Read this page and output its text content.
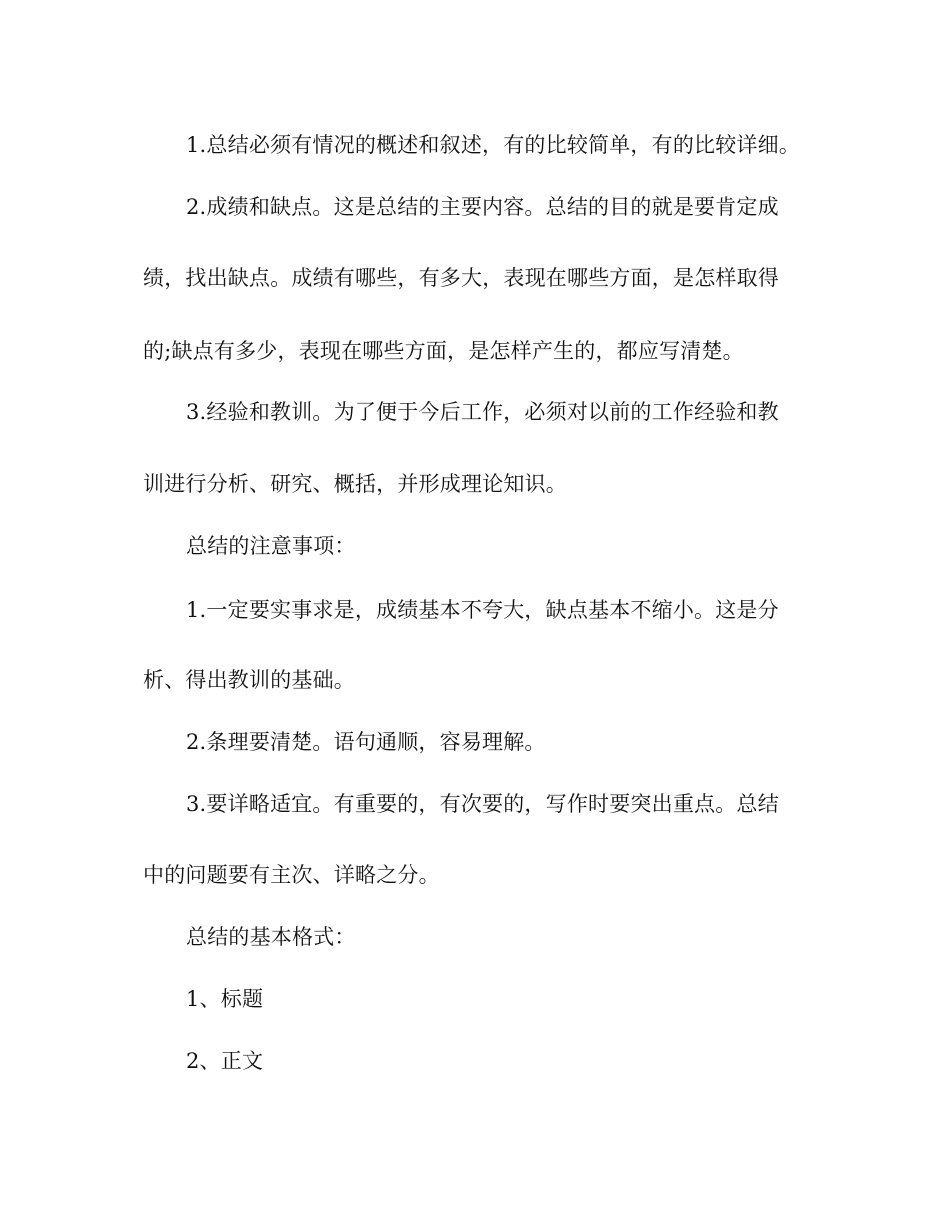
1.总结必须有情况的概述和叙述，有的比较简单，有的比较详细。
2.成绩和缺点。这是总结的主要内容。总结的目的就是要肯定成
绩，找出缺点。成绩有哪些，有多大，表现在哪些方面，是怎样取得
的;缺点有多少，表现在哪些方面，是怎样产生的，都应写清楚。
3.经验和教训。为了便于今后工作，必须对以前的工作经验和教
训进行分析、研究、概括，并形成理论知识。
总结的注意事项：
1.一定要实事求是，成绩基本不夸大，缺点基本不缩小。这是分
析、得出教训的基础。
2.条理要清楚。语句通顺，容易理解。
3.要详略适宜。有重要的，有次要的，写作时要突出重点。总结
中的问题要有主次、详略之分。
总结的基本格式：
1、标题
2、正文
